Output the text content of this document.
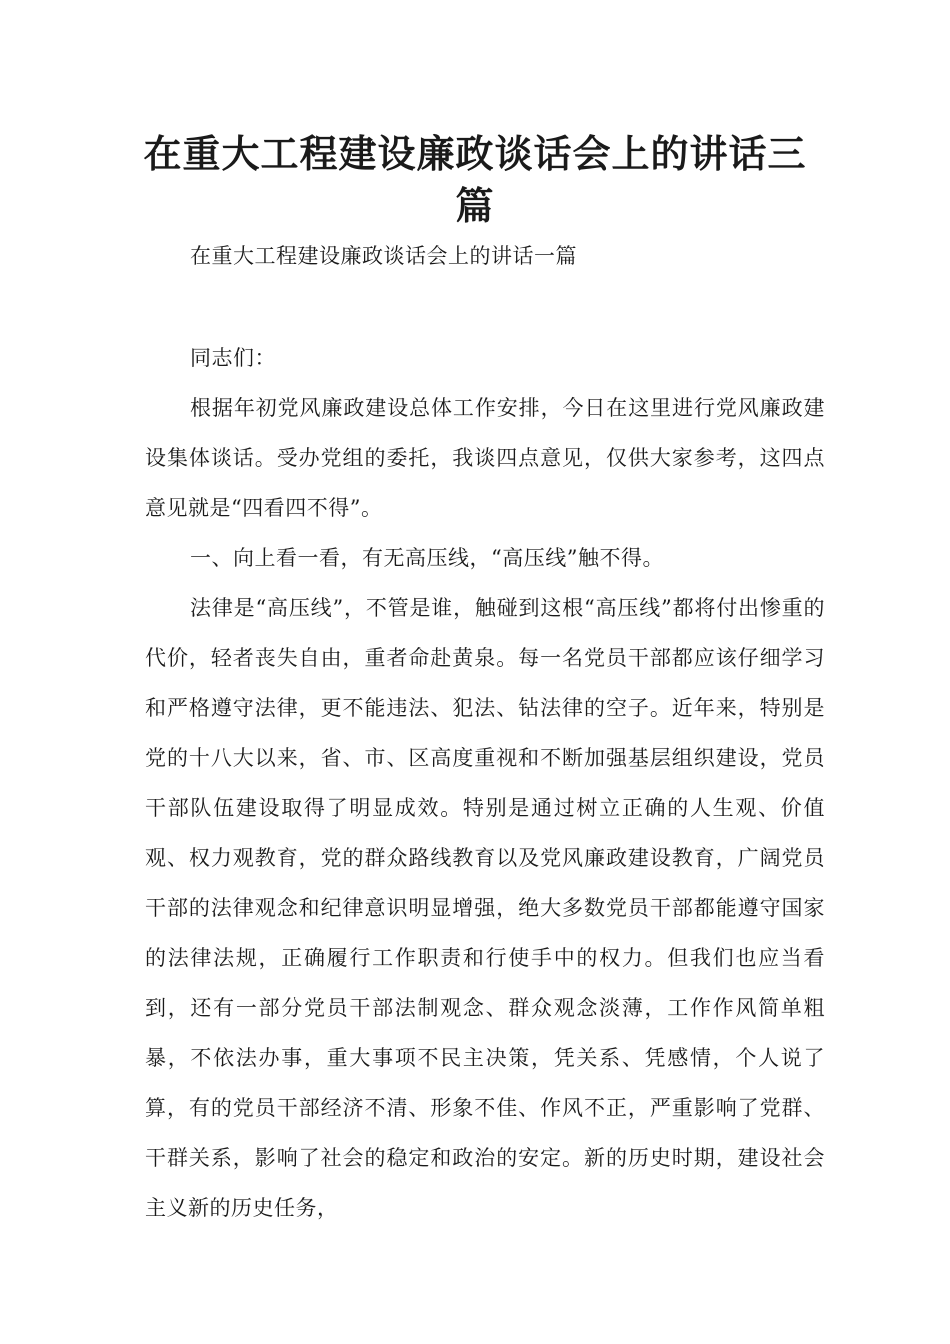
在重大工程建设廉政谈话会上的讲话三篇

在重大工程建设廉政谈话会上的讲话一篇

同志们：

根据年初党风廉政建设总体工作安排，今日在这里进行党风廉政建设集体谈话。受办党组的委托，我谈四点意见，仅供大家参考，这四点意见就是“四看四不得”。

一、向上看一看，有无高压线，“高压线”触不得。

法律是“高压线”，不管是谁，触碰到这根“高压线”都将付出惨重的代价，轻者丧失自由，重者命赴黄泉。每一名党员干部都应该仔细学习和严格遵守法律，更不能违法、犯法、钻法律的空子。近年来，特别是党的十八大以来，省、市、区高度重视和不断加强基层组织建设，党员干部队伍建设取得了明显成效。特别是通过树立正确的人生观、价值观、权力观教育，党的群众路线教育以及党风廉政建设教育，广阔党员干部的法律观念和纪律意识明显增强，绝大多数党员干部都能遵守国家的法律法规，正确履行工作职责和行使手中的权力。但我们也应当看到，还有一部分党员干部法制观念、群众观念淡薄，工作作风简单粗暴，不依法办事，重大事项不民主决策，凭关系、凭感情，个人说了算，有的党员干部经济不清、形象不佳、作风不正，严重影响了党群、干群关系，影响了社会的稳定和政治的安定。新的历史时期，建设社会主义新的历史任务，
